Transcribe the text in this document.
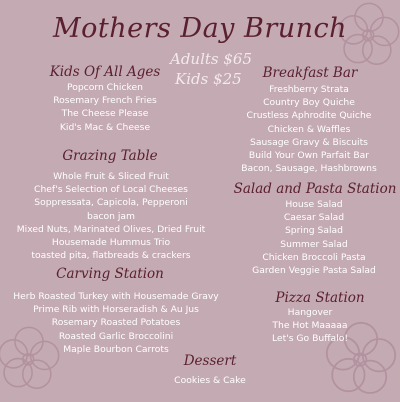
Mothers Day Brunch
Adults $65
Kids $25
Kids Of All Ages
Popcorn Chicken
Rosemary French Fries
The Cheese Please
Kid's Mac & Cheese
Breakfast Bar
Freshberry Strata
Country Boy Quiche
Crustless Aphrodite Quiche
Chicken & Waffles
Sausage Gravy & Biscuits
Build Your Own Parfait Bar
Bacon, Sausage, Hashbrowns
Grazing Table
Whole Fruit & Sliced Fruit
Chef's Selection of Local Cheeses
Soppressata, Capicola, Pepperoni
bacon jam
Mixed Nuts, Marinated Olives, Dried Fruit
Housemade Hummus Trio
toasted pita, flatbreads & crackers
Salad and Pasta Station
House Salad
Caesar Salad
Spring Salad
Summer Salad
Chicken Broccoli Pasta
Garden Veggie Pasta Salad
Carving Station
Herb Roasted Turkey with Housemade Gravy
Prime Rib with Horseradish & Au Jus
Rosemary Roasted Potatoes
Roasted Garlic Broccolini
Maple Bourbon Carrots
Pizza Station
Hangover
The Hot Maaaaa
Let's Go Buffalo!
Dessert
Cookies & Cake
